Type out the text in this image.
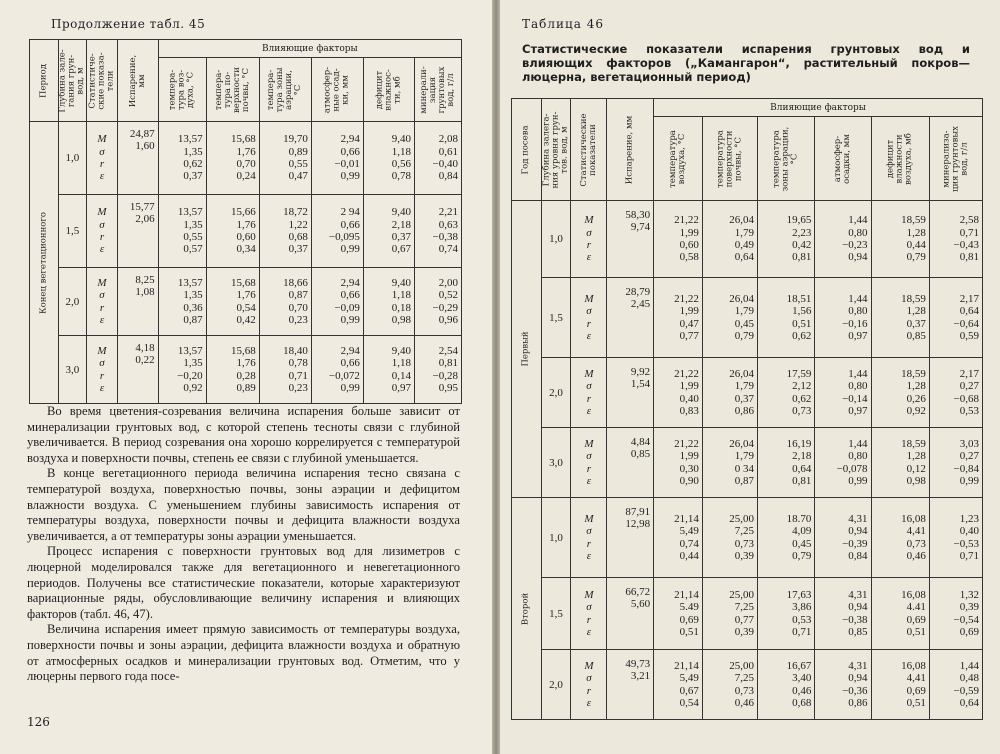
Продолжение табл. 45
Период	Глубина зале-
гания грун-
вод, м	Статистиче-
ские показа-
тели	Испарение,
мм	Влияющие факторы					

				темпера-
тура воз-
духа, °С	темпера-
тура по-
верхности
почвы, °С	темпера-
тура зоны
аэрации,
°С	атмосфер-
ные осад-
ки, мм	дефицит
влажнос-
ти, мб	минерали-
зация
грунтовых
вод, г/л

Конец вегетационного	1,0	M
σ
r
ε	24,87
1,60	13,57
1,35
0,62
0,37	15,68
1,76
0,70
0,24	19,70
0,89
0,55
0,47	2,94
0,66
−0,01
0,99	9,40
1,18
0,56
0,78	2,08
0,61
−0,40
0,84

	1,5	M
σ
r
ε	15,77
2,06	13,57
1,35
0,55
0,57	15,66
1,76
0,60
0,34	18,72
1,22
0,68
0,37	2 94
0,66
−0,095
0,99	9,40
2,18
0,37
0,67	2,21
0,63
−0,38
0,74

	2,0	M
σ
r
ε	8,25
1,08	13,57
1,35
0,36
0,87	15,68
1,76
0,54
0,42	18,66
0,87
0,70
0,23	2,94
0,66
−0,09
0,99	9,40
1,18
0,18
0,98	2,00
0,52
−0,29
0,96

	3,0	M
σ
r
ε	4,18
0,22	13,57
1,35
−0,20
0,92	15,68
1,76
0,28
0,89	18,40
0,78
0,71
0,23	2,94
0,66
−0,072
0,99	9,40
1,18
0,14
0,97	2,54
0,81
−0,28
0,95

Во время цветения-созревания величина испарения больше зависит от минерализации грунтовых вод, с которой степень тесноты связи с глубиной увеличивается. В период созревания она хорошо коррелируется с температурой воздуха и поверхности почвы, степень ее связи с глубиной уменьшается.

В конце вегетационного периода величина испарения тесно связана с температурой воздуха, поверхностью почвы, зоны аэрации и дефицитом влажности воздуха. С уменьшением глубины зависимость испарения от температуры воздуха, поверхности почвы и дефицита влажности воздуха увеличивается, а от температуры зоны аэрации уменьшается.

Процесс испарения с поверхности грунтовых вод для лизиметров с люцерной моделировался также для вегетационного и невегетационного периодов. Получены все статистические показатели, которые характеризуют вариационные ряды, обусловливающие величину испарения и влияющих факторов (табл. 46, 47).

Величина испарения имеет прямую зависимость от температуры воздуха, поверхности почвы и зоны аэрации, дефицита влажности воздуха и обратную от атмосферных осадков и минерализации грунтовых вод. Отметим, что у люцерны первого года посе-

126
Таблица 46
Статистические показатели испарения грунтовых вод и влияющих факторов („Камангарон“, растительный покров—люцерна, вегетационный период)
Год посева	Глубина залега-
ния уровня грун-
тов. вод, м	Статистические
показатели	Испарение, мм	Влияющие факторы					

				температура
воздуха, °С	температура
поверхности
почвы, °С	температура
зоны аэрации,
°С	атмосфер-
осадки, мм	дефицит
влажности
воздуха, мб	минерализа-
ция грунтовых
вод, г/л

Первый	1,0	M
σ
r
ε	58,30
9,74	21,22
1,99
0,60
0,58	26,04
1,79
0,49
0,64	19,65
2,23
0,42
0,81	1,44
0,80
−0,23
0,94	18,59
1,28
0,44
0,79	2,58
0,71
−0,43
0,81

	1,5	M
σ
r
ε	28,79
2,45	21,22
1,99
0,47
0,77	26,04
1,79
0,45
0,79	18,51
1,56
0,51
0,62	1,44
0,80
−0,16
0,97	18,59
1,28
0,37
0,85	2,17
0,64
−0,64
0,59

	2,0	M
σ
r
ε	9,92
1,54	21,22
1,99
0,40
0,83	26,04
1,79
0,37
0,86	17,59
2,12
0,62
0,73	1,44
0,80
−0,14
0,97	18,59
1,28
0,26
0,92	2,17
0,27
−0,68
0,53

	3,0	M
σ
r
ε	4,84
0,85	21,22
1,99
0,30
0,90	26,04
1,79
0 34
0,87	16,19
2,18
0,64
0,81	1,44
0,80
−0,078
0,99	18,59
1,28
0,12
0,98	3,03
0,27
−0,84
0,99

Второй	1,0	M
σ
r
ε	87,91
12,98	21,14
5,49
0,74
0,44	25,00
7,25
0,73
0,39	18.70
4,09
0,45
0,79	4,31
0,94
−0,39
0,84	16,08
4,41
0,73
0,46	1,23
0,40
−0,53
0,71

	1,5	M
σ
r
ε	66,72
5,60	21,14
5.49
0,69
0,51	25,00
7,25
0,77
0,39	17,63
3,86
0,53
0,71	4,31
0,94
−0,38
0,85	16,08
4.41
0,69
0,51	1,32
0,39
−0,54
0,69

	2,0	M
σ
r
ε	49,73
3,21	21,14
5,49
0,67
0,54	25,00
7,25
0,73
0,46	16,67
3,40
0,46
0,68	4,31
0,94
−0,36
0,86	16,08
4,41
0,69
0,51	1,44
0,48
−0,59
0,64
